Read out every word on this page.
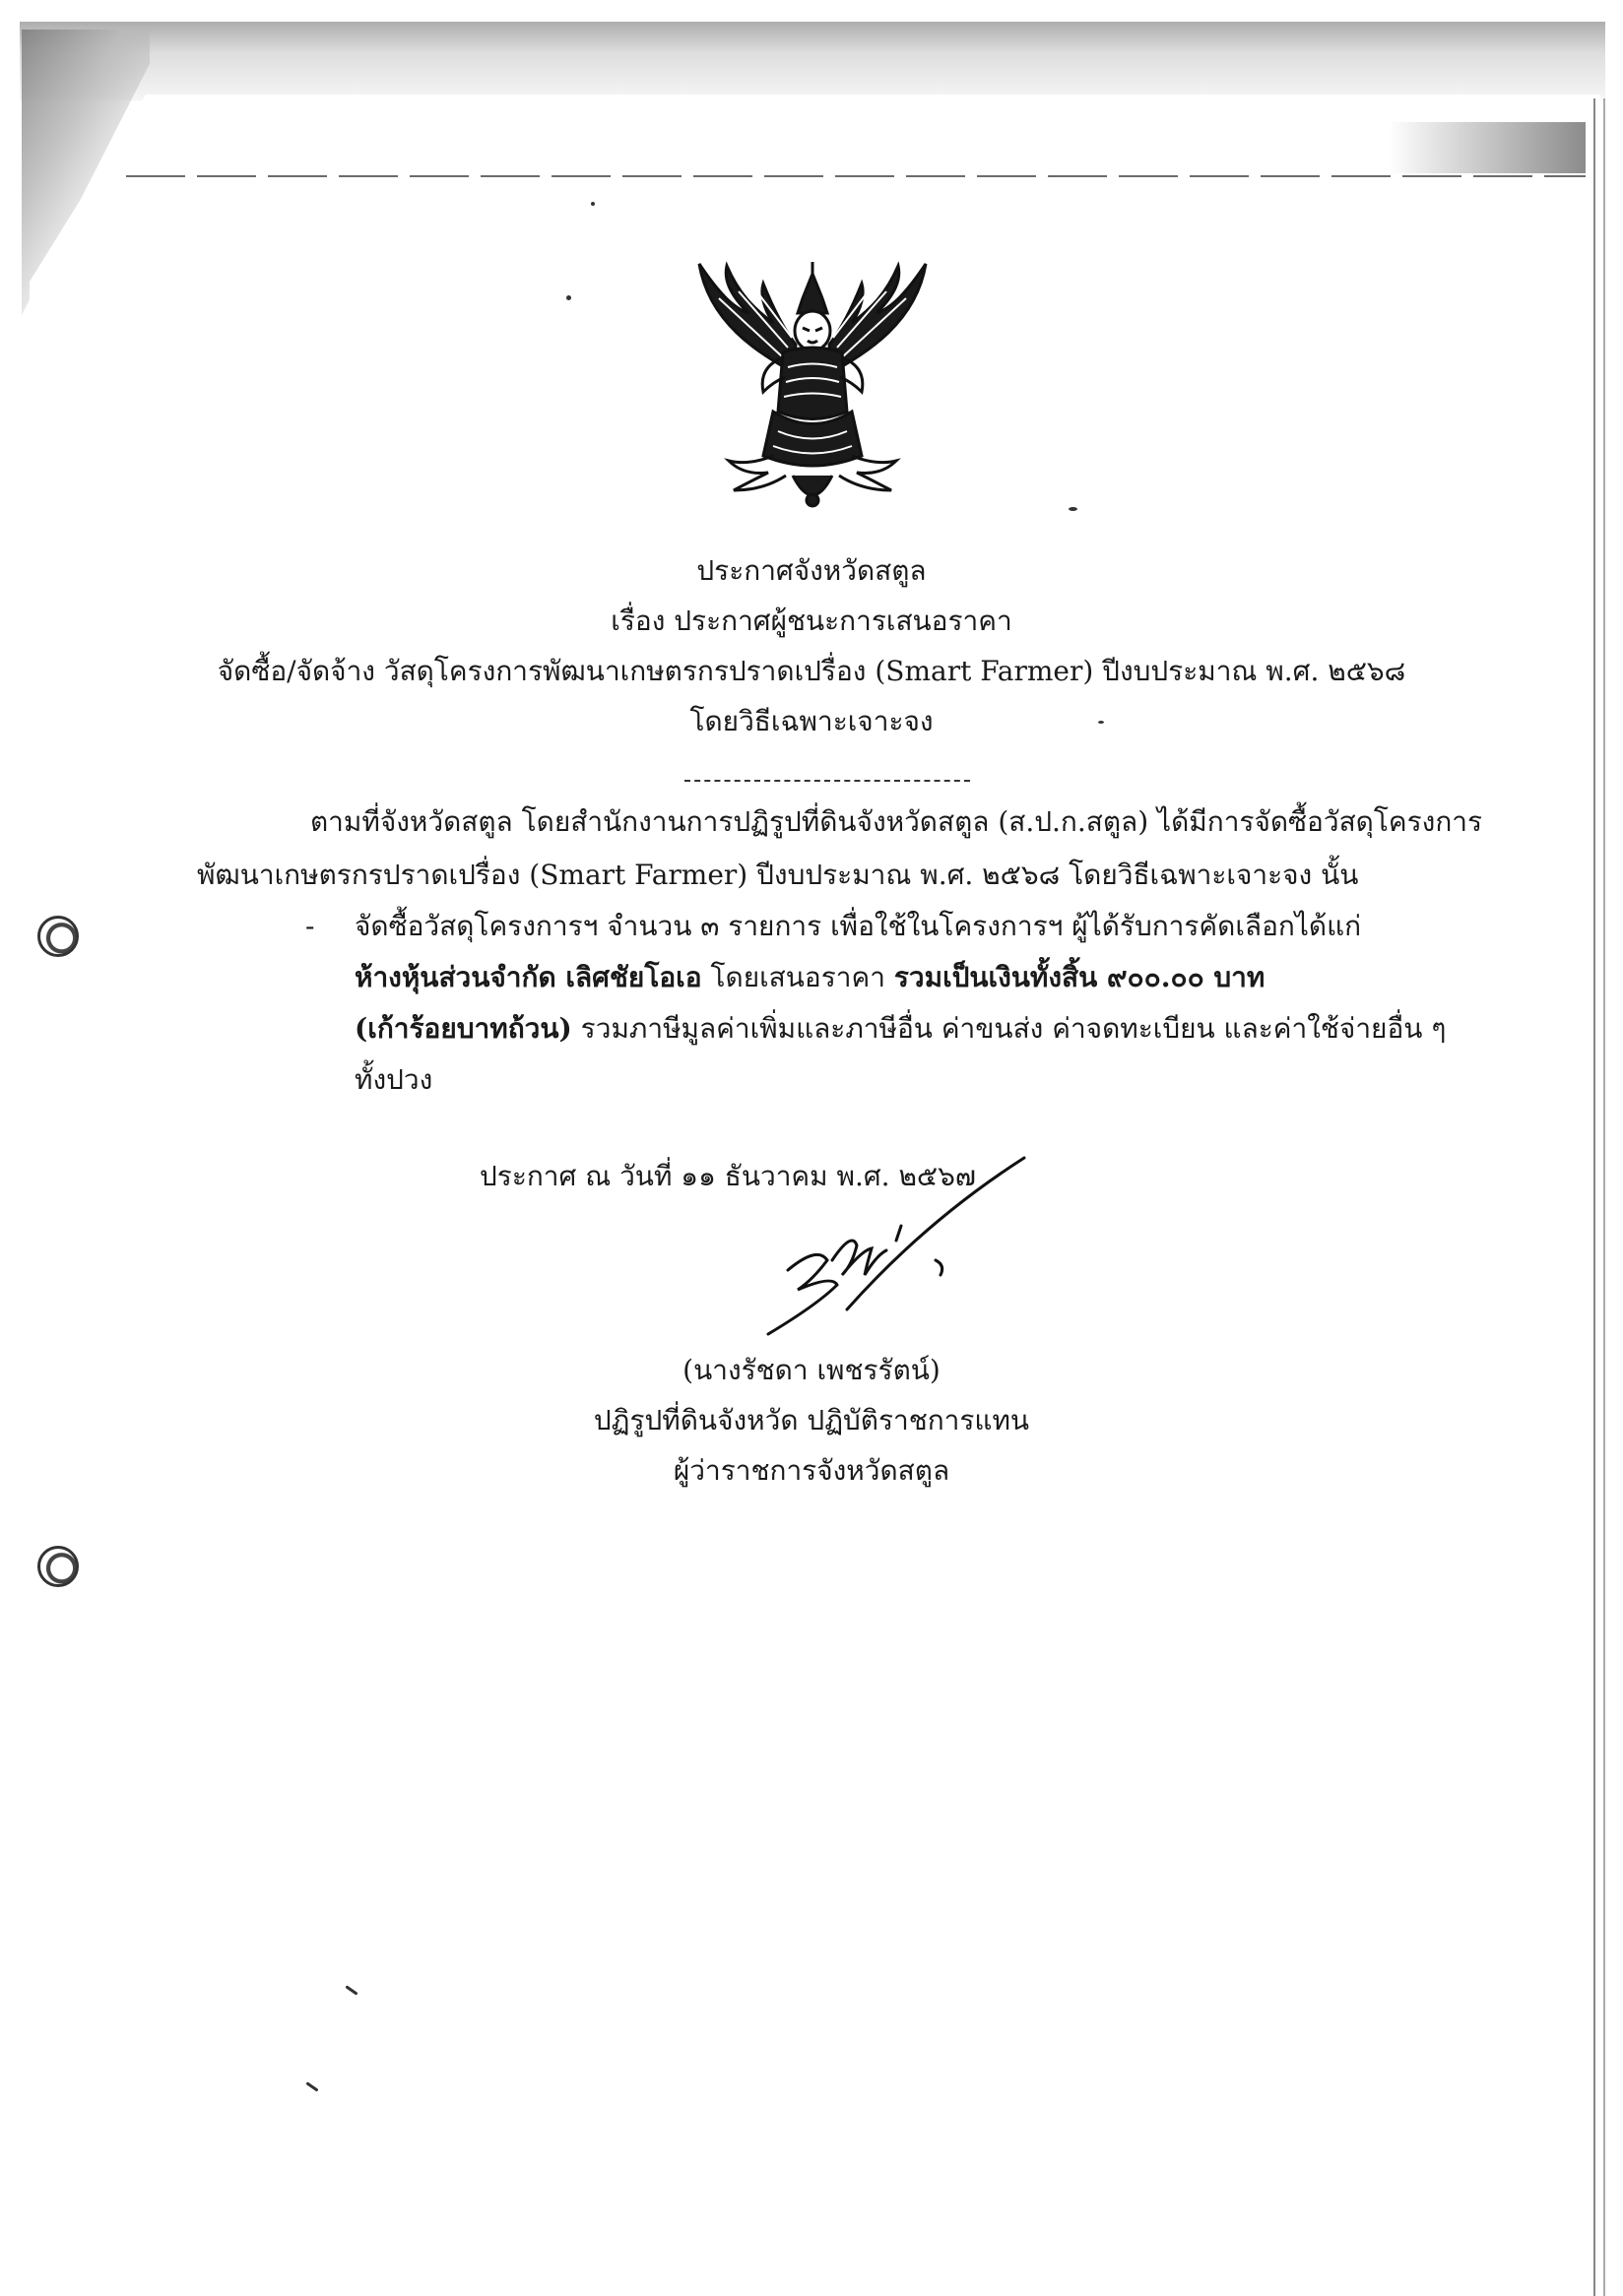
ประกาศจังหวัดสตูล
เรื่อง ประกาศผู้ชนะการเสนอราคา
จัดซื้อ/จัดจ้าง วัสดุโครงการพัฒนาเกษตรกรปราดเปรื่อง (Smart Farmer) ปีงบประมาณ พ.ศ. ๒๕๖๘
โดยวิธีเฉพาะเจาะจง
ตามที่จังหวัดสตูล โดยสำนักงานการปฏิรูปที่ดินจังหวัดสตูล (ส.ป.ก.สตูล) ได้มีการจัดซื้อวัสดุโครงการ
พัฒนาเกษตรกรปราดเปรื่อง (Smart Farmer) ปีงบประมาณ พ.ศ. ๒๕๖๘ โดยวิธีเฉพาะเจาะจง นั้น
- จัดซื้อวัสดุโครงการฯ จำนวน ๓ รายการ เพื่อใช้ในโครงการฯ ผู้ได้รับการคัดเลือกได้แก่
ห้างหุ้นส่วนจำกัด เลิศชัยโอเอ โดยเสนอราคา รวมเป็นเงินทั้งสิ้น ๙๐๐.๐๐ บาท
(เก้าร้อยบาทถ้วน) รวมภาษีมูลค่าเพิ่มและภาษีอื่น ค่าขนส่ง ค่าจดทะเบียน และค่าใช้จ่ายอื่น ๆ
ทั้งปวง
ประกาศ ณ วันที่ ๑๑ ธันวาคม พ.ศ. ๒๕๖๗
(นางรัชดา เพชรรัตน์)
ปฏิรูปที่ดินจังหวัด ปฏิบัติราชการแทน
ผู้ว่าราชการจังหวัดสตูล
